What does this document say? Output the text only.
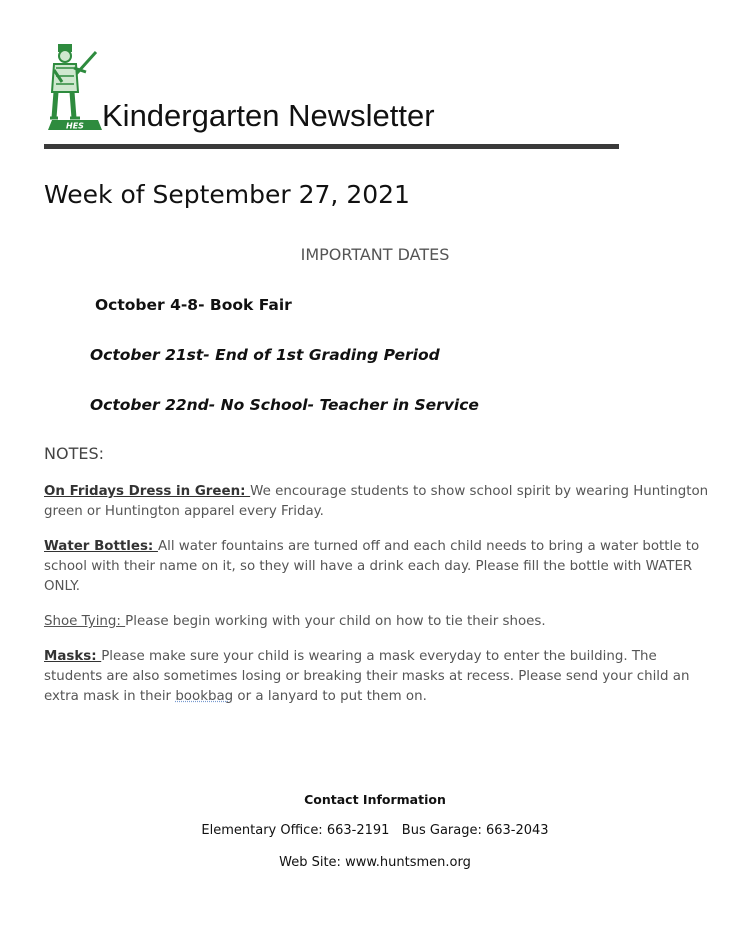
HES Kindergarten Newsletter
Week of September 27, 2021
IMPORTANT DATES
October 4-8- Book Fair
October 21st- End of 1st Grading Period
October 22nd- No School- Teacher in Service
NOTES:
On Fridays Dress in Green: We encourage students to show school spirit by wearing Huntington green or Huntington apparel every Friday.
Water Bottles: All water fountains are turned off and each child needs to bring a water bottle to school with their name on it, so they will have a drink each day. Please fill the bottle with WATER ONLY.
Shoe Tying: Please begin working with your child on how to tie their shoes.
Masks: Please make sure your child is wearing a mask everyday to enter the building. The students are also sometimes losing or breaking their masks at recess. Please send your child an extra mask in their bookbag or a lanyard to put them on.
Contact Information
Elementary Office: 663-2191   Bus Garage: 663-2043
Web Site: www.huntsmen.org
